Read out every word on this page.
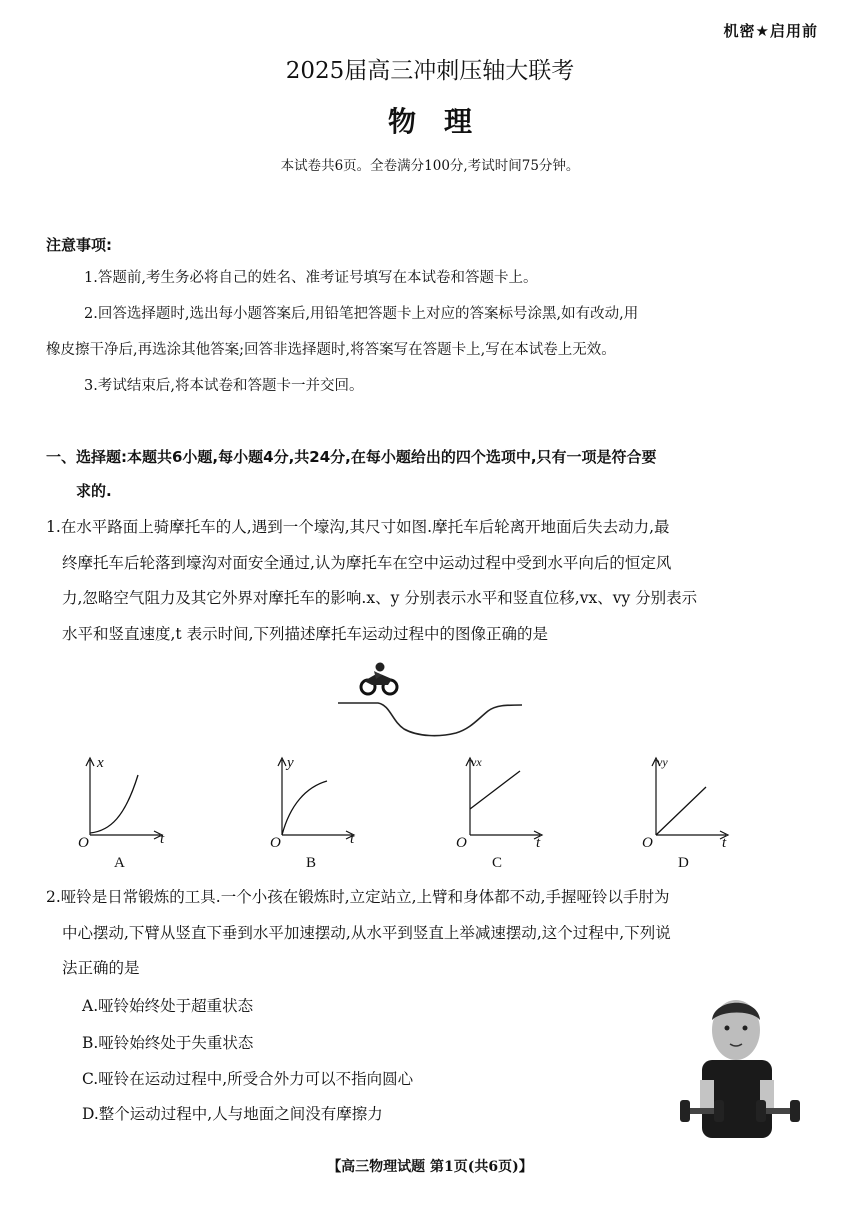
机密★启用前
2025届高三冲刺压轴大联考
物理
本试卷共6页。全卷满分100分,考试时间75分钟。
注意事项:
1.答题前,考生务必将自己的姓名、准考证号填写在本试卷和答题卡上。
2.回答选择题时,选出每小题答案后,用铅笔把答题卡上对应的答案标号涂黑,如有改动,用
橡皮擦干净后,再选涂其他答案;回答非选择题时,将答案写在答题卡上,写在本试卷上无效。
3.考试结束后,将本试卷和答题卡一并交回。
一、选择题:本题共6小题,每小题4分,共24分,在每小题给出的四个选项中,只有一项是符合要
求的.
1.在水平路面上骑摩托车的人,遇到一个壕沟,其尺寸如图.摩托车后轮离开地面后失去动力,最
终摩托车后轮落到壕沟对面安全通过,认为摩托车在空中运动过程中受到水平向后的恒定风
力,忽略空气阻力及其它外界对摩托车的影响.x、y 分别表示水平和竖直位移,vx、vy 分别表示
水平和竖直速度,t 表示时间,下列描述摩托车运动过程中的图像正确的是
x
t
O
A
y
t
O
B
vx
t
O
C
vy
t
O
D
2.哑铃是日常锻炼的工具.一个小孩在锻炼时,立定站立,上臂和身体都不动,手握哑铃以手肘为
中心摆动,下臂从竖直下垂到水平加速摆动,从水平到竖直上举减速摆动,这个过程中,下列说
法正确的是
A.哑铃始终处于超重状态
B.哑铃始终处于失重状态
C.哑铃在运动过程中,所受合外力可以不指向圆心
D.整个运动过程中,人与地面之间没有摩擦力
【高三物理试题 第1页(共6页)】
